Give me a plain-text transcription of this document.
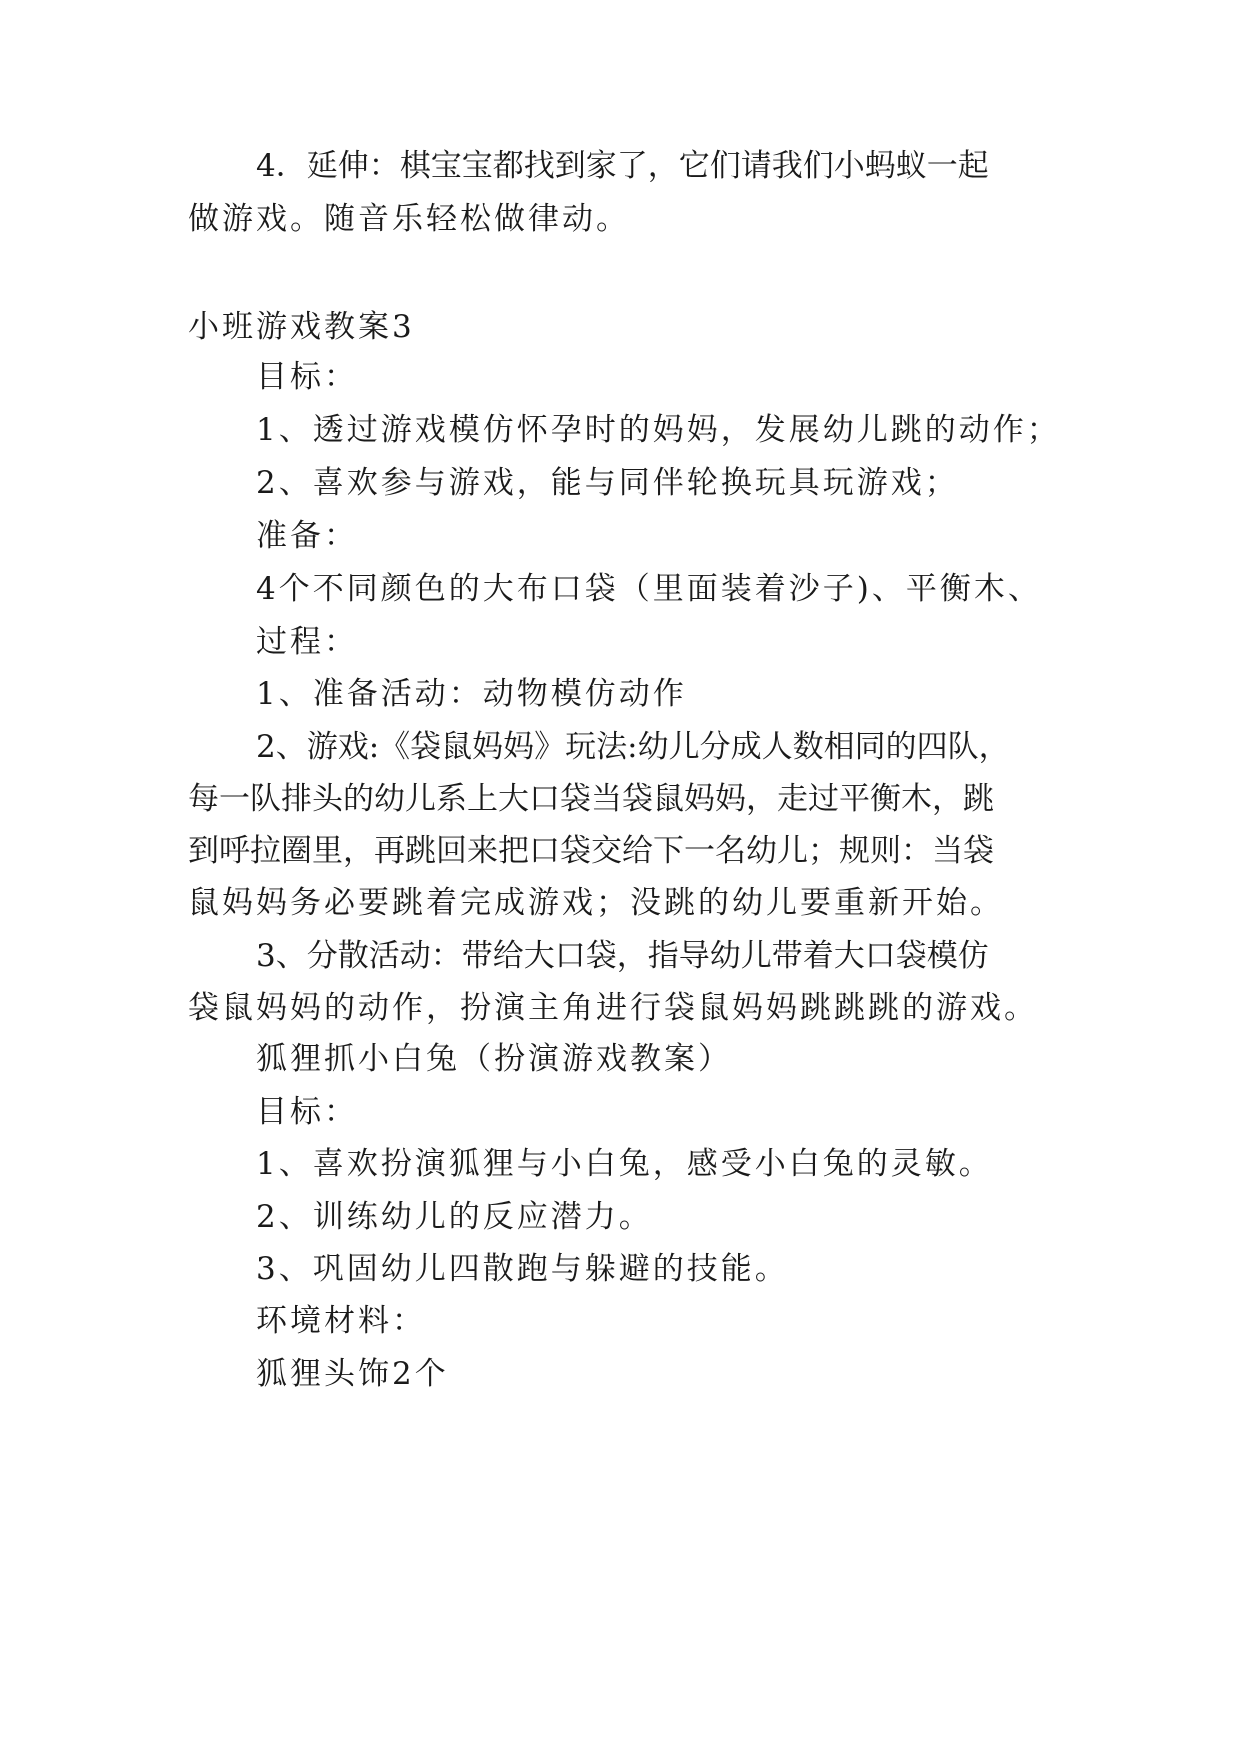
4．延伸：棋宝宝都找到家了，它们请我们小蚂蚁一起
做游戏。随音乐轻松做律动。
小班游戏教案3
目标：
1、透过游戏模仿怀孕时的妈妈，发展幼儿跳的动作；
2、喜欢参与游戏，能与同伴轮换玩具玩游戏；
准备：
4个不同颜色的大布口袋（里面装着沙子)、平衡木、
过程：
1、准备活动：动物模仿动作
2、游戏:《袋鼠妈妈》玩法:幼儿分成人数相同的四队，
每一队排头的幼儿系上大口袋当袋鼠妈妈，走过平衡木，跳
到呼拉圈里，再跳回来把口袋交给下一名幼儿；规则：当袋
鼠妈妈务必要跳着完成游戏；没跳的幼儿要重新开始。
3、分散活动：带给大口袋，指导幼儿带着大口袋模仿
袋鼠妈妈的动作，扮演主角进行袋鼠妈妈跳跳跳的游戏。
狐狸抓小白兔（扮演游戏教案）
目标：
1、喜欢扮演狐狸与小白兔，感受小白兔的灵敏。
2、训练幼儿的反应潜力。
3、巩固幼儿四散跑与躲避的技能。
环境材料：
狐狸头饰2个
